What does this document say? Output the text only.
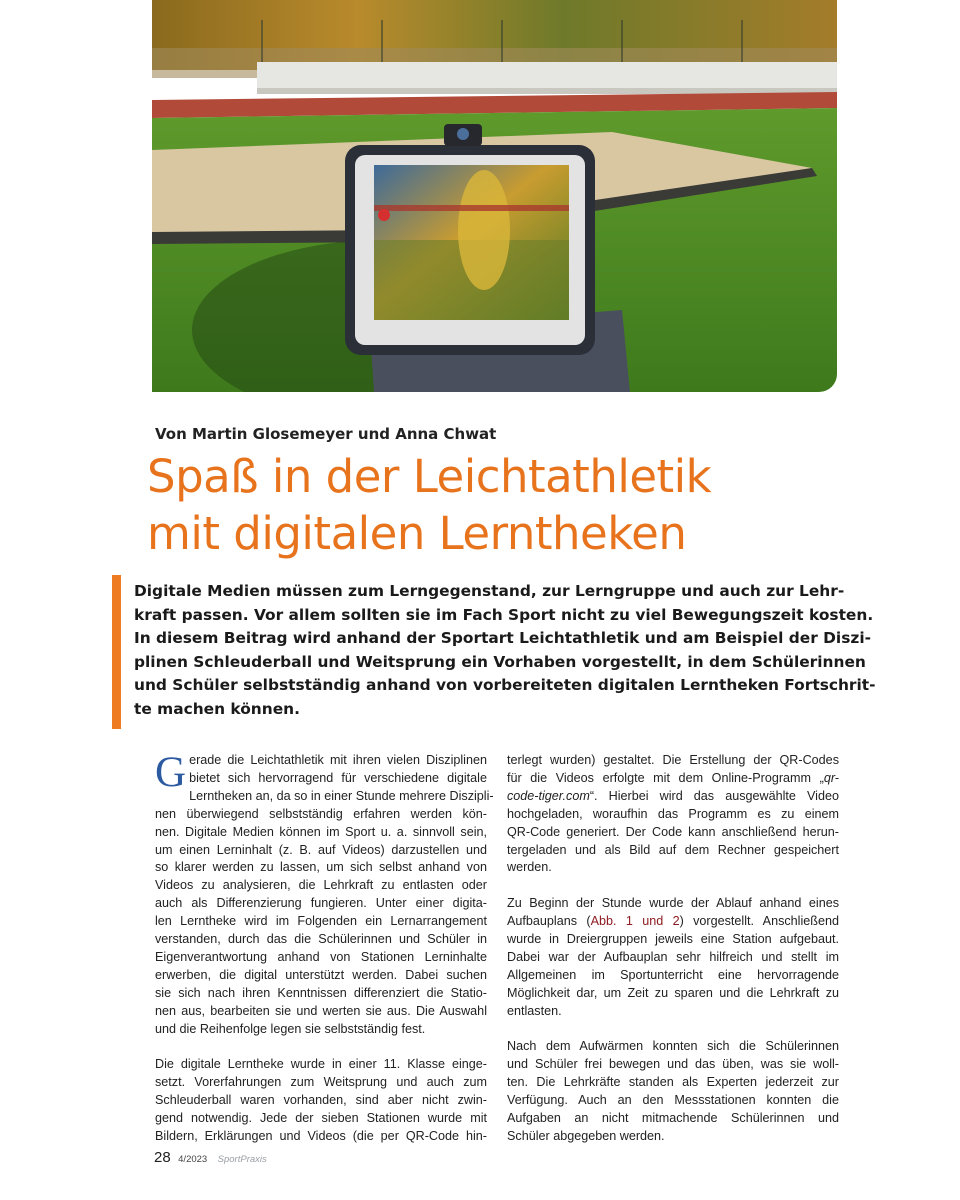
Von Martin Glosemeyer und Anna Chwat
Spaß in der Leichtathletik
mit digitalen Lerntheken

Digitale Medien müssen zum Lerngegenstand, zur Lerngruppe und auch zur Lehr-
kraft passen. Vor allem sollten sie im Fach Sport nicht zu viel Bewegungszeit kosten.
In diesem Beitrag wird anhand der Sportart Leichtathletik und am Beispiel der Diszi-
plinen Schleuderball und Weitsprung ein Vorhaben vorgestellt, in dem Schülerinnen
und Schüler selbstständig anhand von vorbereiteten digitalen Lerntheken Fortschrit-
te machen können.

G erade die Leichtathletik mit ihren vielen Disziplinen
bietet sich hervorragend für verschiedene digitale
Lerntheken an, da so in einer Stunde mehrere Diszipli-
nen überwiegend selbstständig erfahren werden kön-
nen. Digitale Medien können im Sport u. a. sinnvoll sein,
um einen Lerninhalt (z. B. auf Videos) darzustellen und
so klarer werden zu lassen, um sich selbst anhand von
Videos zu analysieren, die Lehrkraft zu entlasten oder
auch als Differenzierung fungieren. Unter einer digita-
len Lerntheke wird im Folgenden ein Lernarrangement
verstanden, durch das die Schülerinnen und Schüler in
Eigenverantwortung anhand von Stationen Lerninhalte
erwerben, die digital unterstützt werden. Dabei suchen
sie sich nach ihren Kenntnissen differenziert die Statio-
nen aus, bearbeiten sie und werten sie aus. Die Auswahl
und die Reihenfolge legen sie selbstständig fest.

Die digitale Lerntheke wurde in einer 11. Klasse einge-
setzt. Vorerfahrungen zum Weitsprung und auch zum
Schleuderball waren vorhanden, sind aber nicht zwin-
gend notwendig. Jede der sieben Stationen wurde mit
Bildern, Erklärungen und Videos (die per QR-Code hin-

terlegt wurden) gestaltet. Die Erstellung der QR-Codes
für die Videos erfolgte mit dem Online-Programm „qr-
code-tiger.com“. Hierbei wird das ausgewählte Video
hochgeladen, woraufhin das Programm es zu einem
QR-Code generiert. Der Code kann anschließend herun-
tergeladen und als Bild auf dem Rechner gespeichert
werden.

Zu Beginn der Stunde wurde der Ablauf anhand eines
Aufbauplans (Abb. 1 und 2) vorgestellt. Anschließend
wurde in Dreiergruppen jeweils eine Station aufgebaut.
Dabei war der Aufbauplan sehr hilfreich und stellt im
Allgemeinen im Sportunterricht eine hervorragende
Möglichkeit dar, um Zeit zu sparen und die Lehrkraft zu
entlasten.

Nach dem Aufwärmen konnten sich die Schülerinnen
und Schüler frei bewegen und das üben, was sie woll-
ten. Die Lehrkräfte standen als Experten jederzeit zur
Verfügung. Auch an den Messstationen konnten die
Aufgaben an nicht mitmachende Schülerinnen und
Schüler abgegeben werden.

28 4/2023 SportPraxis
